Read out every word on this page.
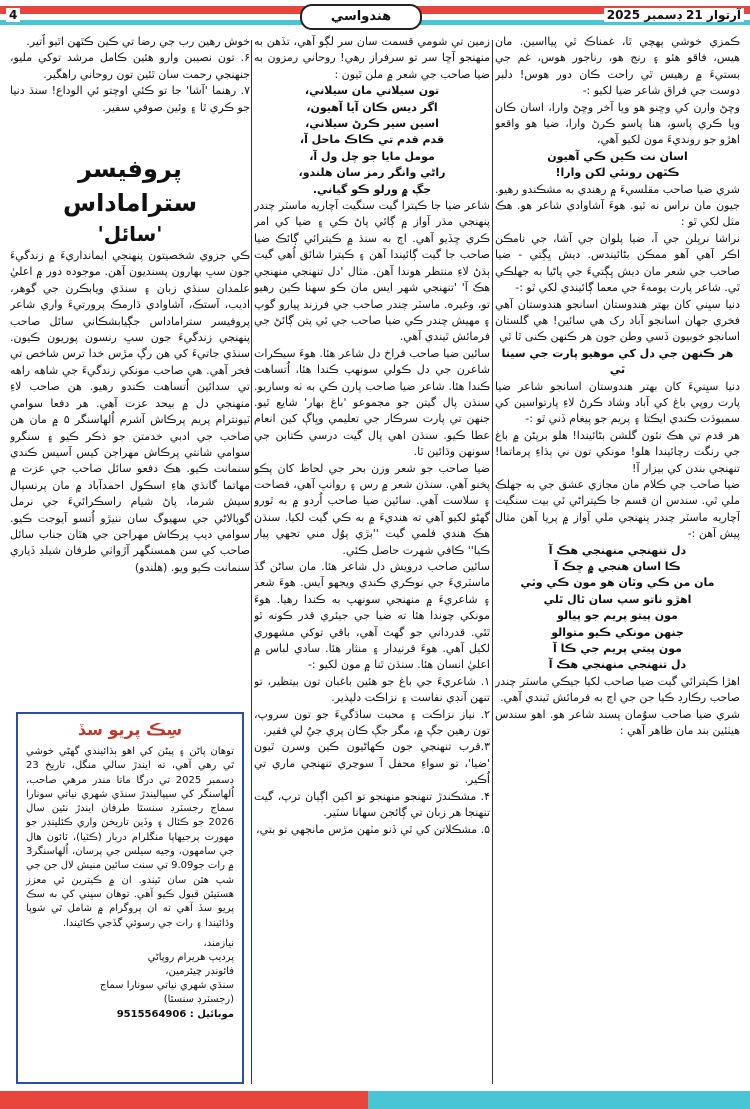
4	هندواسي	آرتوار 21 ڊسمبر 2025

ڪمزي خوشي پهچي ٿا، غمناڪ ٿي پيااسين. مان هيس، فاقو هئو ۽ رنج هو، رناجور هوس، غم جي بستيءَ ۾ رهيس ٿي راحت ڪان دور هوس! دلبر دوست جي فراق شاعر ضيا لکيو :-

وڇڻ وارن کي وڇنو هو ويا آخر وڇڻ وارا، اسان ڪان ويا ڪري پاسو، هنا پاسو ڪرڻ وارا، ضيا هو واقعو اهڙو جو رونديءَ مون لکيو آهي،

اسان نت ڪين ڪي آهيون

ڪٿهن رونئي لکن وارا!

شري ضيا صاحب مقلسيءَ ۾ رهندي به مشڪندو رهيو. جيون مان نراس نه ٿيو. هوءَ آشاوادي شاعر هو. هڪ مثل لکي ٿو :

نراشا نرپلن جي آ، ضيا پلوان جي آشا، جي نامڪن اڪر آهي آهو ممڪن بڻائيندس. ديش ڀڳتي - ضيا صاحب جي شعر مان ديش ڀڳتيءَ جي پاڻيا به جهلڪي ٿي. شاعر پارت يومهءَ جي معما ڳائيندي لکي ٿو :-

دنيا سڀني کان بهتر هندوستان اسانجو هندوستان آهي فخري جهان اسانجو آباد رک هي سائين! هي گلستان اسانجو خوبيون ڏسي وطن جون هر ڪنهن ڪنى ٿا ٿي

هر ڪنهن جي دل کي موهيو پارت جي سيتا ٿي

دنيا سڀنيءَ کان بهتر هندوستان اسانجو شاعر ضيا پارت روپي باغ کي آباد وشاد ڪرڻ لاءِ پارتواسين کي سمبوڌت ڪندي ايڪتا ۽ پريم جو پيغام ڏني ٿو :-

هر قدم تي هڪ نئون گلشن بڻائيندا! هلو برپڻن ۾ باغ جي رنگت رچائيندا هلو! مونکي تون ني ٻڌاءِ پرماتما! تنهنجي بندن کي بيزار آ!

ضيا صاحب جي ڪلام مان مجازي عشق جي به جهلڪ ملي ٿي. سندس ان قسم جا ڪيتراڻي ئي بيت سنگيت آچاريه ماسٽر چندر پنهنجي ملي آواز ۾ پريا آهن مثال پيش آهن :-

دل تنهنجي منهنجي هڪ آ

ڪا اسان هنجي ۾ ڇڪ آ

مان من ڪي وٽان هو مون ڪي وٽي

اهڙو ناتو سپ سان ٿال ٿلي

مون پيتو پريم جو پيالو

جنهن مونکي ڪيو متوالو

مون پيتي پريم جي ڪا آ

دل تنهنجي منهنجي هڪ آ

اهڙا ڪيترائي گيت ضيا صاحب لکيا جيڪي ماسٽر چندر صاحب رڪارڊ ڪيا جن جي اڄ به فرمائش ٿيندي آهي.

شري ضيا صاحب سوُمان پسند شاعر هو. اهو سندس هيٺئين بند مان ظاهر آهي :

زمين تي شومي قسمت سان سر لڳو آهي، تڏهن به منهنجو آڇا سر تو سرفراز رهي! روحاني رمزون به ضيا صاحب جي شعر ۾ ملن ٿيون :

تون سيلاني مان سيلاني،

اگر ديس ڪان آيا آهيون،

اسين سير ڪرڻ سيلاني،

قدم قدم تي ڪاڪ ماحل آ،

مومل مايا جو چل ول آ،

راڻي وانگر رمز سان هلندو،

جڳ ۾ ورلو ڪو گياني.

شاعر ضيا جا ڪيترا گيت سنگيت آچاريه ماسٽر چندر پنهنجي مڌر آواز ۾ ڳائي پاڻ ڪي ۽ ضيا کي امر ڪري ڇڏيو آهي. اڄ به سنڌ ۾ ڪيترائي ڳائڪ ضيا صاحب جا گيت ڳائيندا آهن ۽ ڪيترا شائق اُهي گيت ٻڌڻ لاءِ منتظر هوندا آهن. مثال 'دل تنهنجي منهنجي هڪ آ' 'تنهنجي شهر ايس مان ڪو سهنا ڪين رهيو تو، وغيره. ماسٽر چندر صاحب جي فرزند پيارو گوپ ۽ مهيش چندر ڪي ضيا صاحب جي ئي پتن ڳائڻ جي فرمائش ٿيندي آهي.

سائين ضيا صاحب فراخ دل شاعر هئا. هوءَ سيڪرات شاعرن جي دل ڪولي سونهپ ڪندا هئا، اُتساهت ڪندا هئا. شاعر ضيا صاحب پارن ڪي به ٺه وساريو. سنڌن پال گيتن جو مجموعو 'باغ بهار' شايع ٿيو. جنهن تي پارت سرڪار جي تعليمي وڀاڳ کين انعام عطا ڪيو. سنڌن اهي پال گيت درسي ڪتابن جي سونهن وڌائين ٿا.

ضيا صاحب جو شعر وزن بحر جي لحاظ کان پڪو پخنو آهي. سنڌن شعر ۾ رس ۽ روانپ آهي، فصاحت ۽ سلاست آهي. سائين ضيا صاحب اُردو ۾ به ٿورو گهڻو لکيو آهي ته هنديءَ ۾ به ڪي گيت لکيا. سنڌن هڪ هندي فلمي گيت ''بڙي پوُل مني تجهي پيار ڪيا'' ڪافي شهرت حاصل ڪئي.

سائين صاحب درويش دل شاعر هئا. مان ساڻن گڏ ماسٽريءَ جي نوڪري ڪندي ويجهو آيس. هوءَ شعر ۽ شاعريءَ ۾ منهنجي سونهپ به ڪندا رهيا. هوءَ مونکي چوندا هئا ته ضيا جي جيئري قدر ڪونه ٿو ٿئي. قدرداني جو گهٽ آهي، باقي توکي مشهوري لکيل آهي. هوءَ قرنيدار ۽ منثار هئا. سادي لباس ۾ اعليٰ انسان هئا. سنڌن ٿنا ۾ مون لکيو :-

۱. شاعريءَ جي باغ جو هئين باغبان تون بيتظير، تو تنهن آنڊي نفاست ۽ نزاڪت دلپذير.

۲. نياز نزاڪت ۽ محبت ساڌگيءَ جو تون سروپ، تون رهين جڳ ۾، مگر جڳ ڪان پري جيُ لي فقير.

۳.قرب تنهنجي جون ڪهاڻيون ڪين وسرن ٿيون 'ضيا'، تو سواءِ محفل آ سوڃري تنهنجي ماري تي اُڪير.

۴. مشڪندڙ تنهنجو منهنجو تو اکين اڳيان ترپ، گيت تنهنجا هر زبان تي ڳائجن سهانا سٽير.

۵. مشڪلاتن کي ٿي ڏنو مٽهن مڙس مانجهي تو بتي،

خوش رهين رب جي رضا تي ڪين ڪٿهن اٿيو اُتير.

۶. تون نصيبن وارو هئين ڪامل مرشد توکي مليو، جنهنجي رحمت سان ٿئين تون روحاني راهگير.

۷. رهنما 'آشا' جا تو ڪئي اوچتو ئي الوداع! سنڌ دنيا جو ڪري ٿا ۽ وئين صوفي سفير.

پروفيسر ستراماداس
'سائل'

ڪي جزوي شخصيتون پنهنجي ايمانداريءَ ۾ زندگيءَ جون سڀ بهارون پسنديون آهن. موجوده دور ۾ اعليٰ علمدان سنڌي زبان ۽ سنڌي ويابڪرن جي گوهر، اديب، آستڪ، آشاوادي ڌارمڪ پرورتيءَ واري شاعر پروفيسر ستراماداس جڳيابشڪاني سائل صاحب پنهنجي زندگيءَ جون سڀ رنسون پوريون ڪيون. سنڌي جاتيءَ کي هن رڳ مڙس خدا ترس شاخص تي فخر آهي. هي صاحب مونکي زندگيءَ جي شاهه راهه تي سدائين اُتساهت ڪندو رهيو. هن صاحب لاءِ منهنجي دل ۾ بيحد عزت آهي. هر دفعا سوامي ٽيونترام پريم پرڪاش آشرم اُلهاسنگر ۵ ۾ مان هن صاحب جي ادبي خدمتن جو ذڪر ڪيو ۽ سنگرو سوامي شانتي پرڪاش مهراجن کيس آسيس ڪندي سنمانت ڪيو. هڪ دفعو سائل صاحب جي عزت ۾ مهاتما گانڌي هاءِ اسڪول احمدآباد ۾ مان پرنسپال سيش شرما، پاڻ شيام راسڪرائيءَ جي نرمل گوپالاڻي جي سهيوگ سان ننيڙو اُتسو آيوجت ڪيو. سوامي ديپ پرڪاش مهراجن جي هٿان جناب سائل صاحب کي سن همسنگھر آڙواٺي طرفان شيلڊ ڏياري سنمانت ڪيو ويو. (هلندو)

سِڪ پريو سڏ
توهان پاڻن ۽ پيڻن کي اهو ٻڌائيندي گهڻي خوشي ٿي رهي آهي، ته ايندڙ سالي منگل، تاريخ 23 ڊسمبر 2025 تي درگا ماتا مندر مرهي صاحب، اُلهاسنگر کي سيپاليندڙ سنڌي شهري نياتي سونارا سماج رجسٽرڊ سنسٿا طرفان ايندڙ نئين سال 2026 جو ڪئال ۽ وڏين تاريخن واري ڪئلينڊر جو مهورت پرجيهاپا منگلرام دربار (ڪٽيا)، ٽائون هال جي سامهون، وجيه سيلس جي پرسان، اُلهاسنگر3 ۾ رات جو9.09 تي سنت سائين منيش لال جن جي شپ هٿن سان ٿيندو. ان ۾ ڪيترين ئي معزز هستيئن قبول ڪيو آهي. توهان سڀني کي به سڪ پريو سڏ آهي ته ان پروگرام ۾ شامل ٿي شوپا وڌائيندا ۽ رات جي رسوئي گڏجي ڪائيندا.
نيازمند،
پرديپ هريرام روپاڻي
فائونڊر چيئرمين،
سنڌي شهري نياتي سونارا سماج
(رجسٽرڊ سنسٿا)
موبائيل : 9515564906
